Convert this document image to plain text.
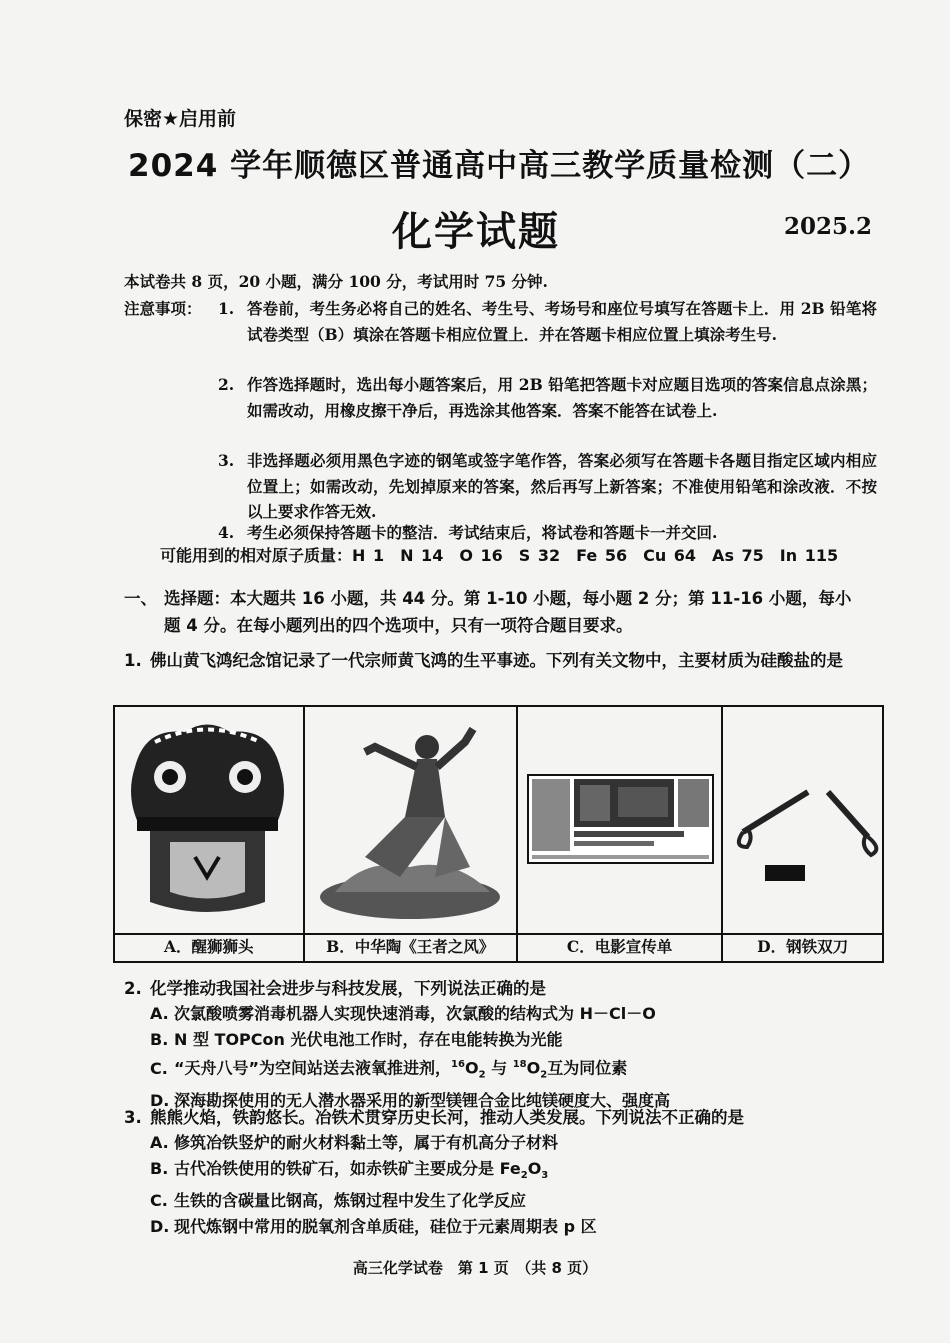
保密★启用前
2024 学年顺德区普通高中高三教学质量检测（二）
化学试题	2025.2
本试卷共 8 页，20 小题，满分 100 分，考试用时 75 分钟.
注意事项： 1. 答卷前，考生务必将自己的姓名、考生号、考场号和座位号填写在答题卡上．用 2B 铅笔将试卷类型（B）填涂在答题卡相应位置上．并在答题卡相应位置上填涂考生号.
2. 作答选择题时，选出每小题答案后，用 2B 铅笔把答题卡对应题目选项的答案信息点涂黑；如需改动，用橡皮擦干净后，再选涂其他答案．答案不能答在试卷上.
3. 非选择题必须用黑色字迹的钢笔或签字笔作答，答案必须写在答题卡各题目指定区域内相应位置上；如需改动，先划掉原来的答案，然后再写上新答案；不准使用铅笔和涂改液．不按以上要求作答无效.
4. 考生必须保持答题卡的整洁．考试结束后，将试卷和答题卡一并交回.
可能用到的相对原子质量：H 1　N 14　O 16　S 32　Fe 56　Cu 64　As 75　In 115
一、 选择题：本大题共 16 小题，共 44 分。第 1-10 小题，每小题 2 分；第 11-16 小题，每小题 4 分。在每小题列出的四个选项中，只有一项符合题目要求。
1. 佛山黄飞鸿纪念馆记录了一代宗师黄飞鸿的生平事迹。下列有关文物中，主要材质为硅酸盐的是
A．醒狮狮头	B．中华陶《王者之风》	C．电影宣传单	D．钢铁双刀
2. 化学推动我国社会进步与科技发展，下列说法正确的是
A. 次氯酸喷雾消毒机器人实现快速消毒，次氯酸的结构式为 H－Cl－O
B. N 型 TOPCon 光伏电池工作时，存在电能转换为光能
C. “天舟八号”为空间站送去液氧推进剂，$^{16}O_2$ 与 $^{18}O_2$互为同位素
D. 深海勘探使用的无人潜水器采用的新型镁锂合金比纯镁硬度大、强度高
3. 熊熊火焰，铁韵悠长。冶铁术贯穿历史长河，推动人类发展。下列说法不正确的是
A. 修筑冶铁竖炉的耐火材料黏土等，属于有机高分子材料
B. 古代冶铁使用的铁矿石，如赤铁矿主要成分是 $Fe_2O_3$
C. 生铁的含碳量比钢高，炼钢过程中发生了化学反应
D. 现代炼钢中常用的脱氧剂含单质硅，硅位于元素周期表 p 区
高三化学试卷　第 1 页　（共 8 页）
